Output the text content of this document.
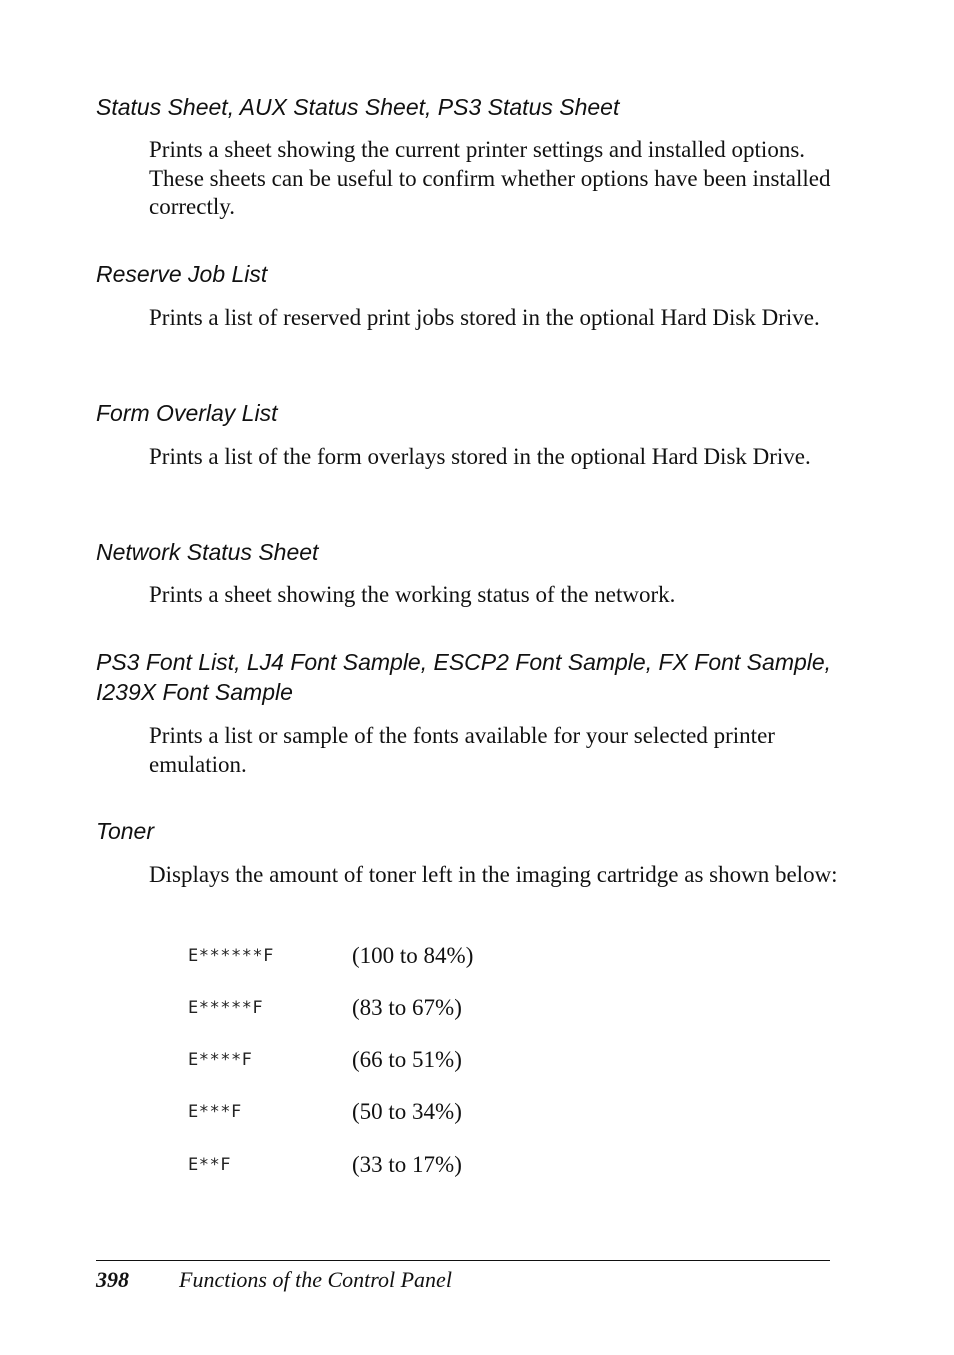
Status Sheet, AUX Status Sheet, PS3 Status Sheet

Prints a sheet showing the current printer settings and installed options. These sheets can be useful to confirm whether options have been installed correctly.

Reserve Job List

Prints a list of reserved print jobs stored in the optional Hard Disk Drive.

Form Overlay List

Prints a list of the form overlays stored in the optional Hard Disk Drive.

Network Status Sheet

Prints a sheet showing the working status of the network.

PS3 Font List, LJ4 Font Sample, ESCP2 Font Sample, FX Font Sample, I239X Font Sample

Prints a list or sample of the fonts available for your selected printer emulation.

Toner

Displays the amount of toner left in the imaging cartridge as shown below:

E******F	(100 to 84%)
E*****F	(83 to 67%)
E****F	(66 to 51%)
E***F	(50 to 34%)
E**F	(33 to 17%)
398 Functions of the Control Panel
